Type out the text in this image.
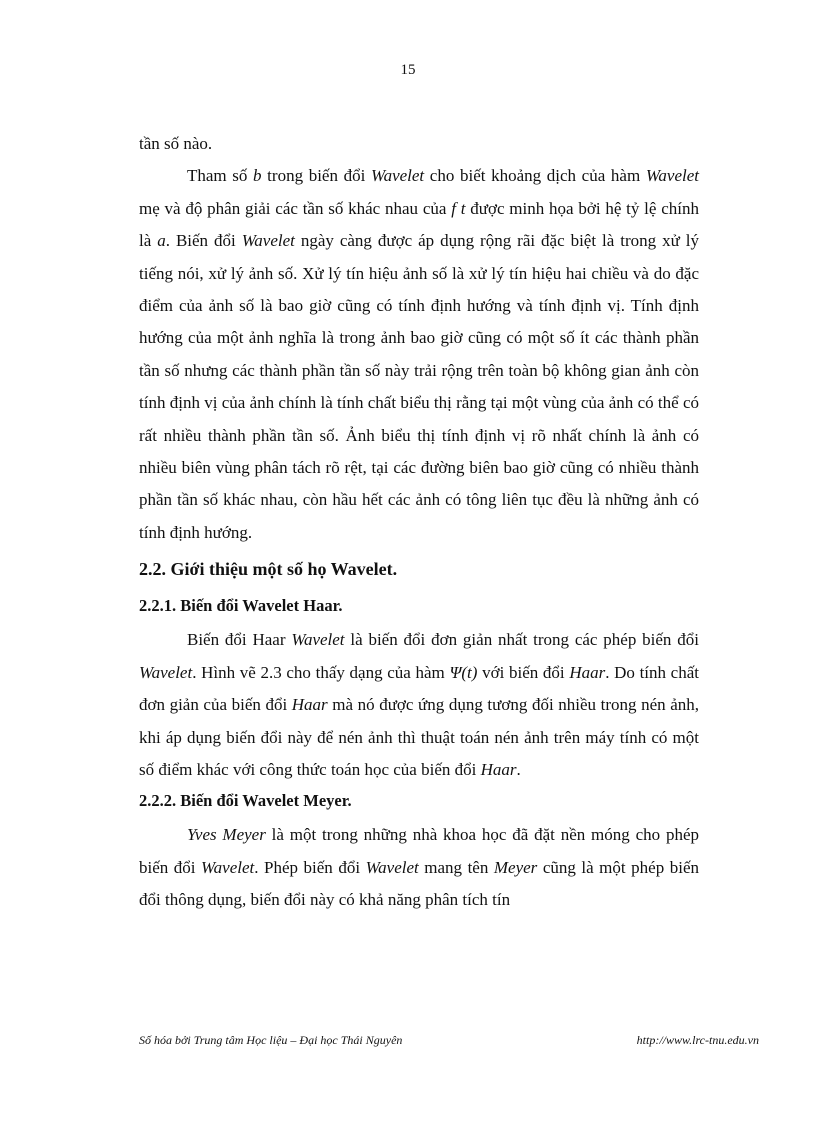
15

tần số nào.

Tham số b trong biến đổi Wavelet cho biết khoảng dịch của hàm Wavelet mẹ và độ phân giải các tần số khác nhau của f t được minh họa bởi hệ tỷ lệ chính là a. Biến đổi Wavelet ngày càng được áp dụng rộng rãi đặc biệt là trong xử lý tiếng nói, xử lý ảnh số. Xử lý tín hiệu ảnh số là xử lý tín hiệu hai chiều và do đặc điểm của ảnh số là bao giờ cũng có tính định hướng và tính định vị. Tính định hướng của một ảnh nghĩa là trong ảnh bao giờ cũng có một số ít các thành phần tần số nhưng các thành phần tần số này trải rộng trên toàn bộ không gian ảnh còn tính định vị của ảnh chính là tính chất biểu thị rằng tại một vùng của ảnh có thể có rất nhiều thành phần tần số. Ảnh biểu thị tính định vị rõ nhất chính là ảnh có nhiều biên vùng phân tách rõ rệt, tại các đường biên bao giờ cũng có nhiều thành phần tần số khác nhau, còn hầu hết các ảnh có tông liên tục đều là những ảnh có tính định hướng.

2.2. Giới thiệu một số họ Wavelet.
2.2.1. Biến đổi Wavelet Haar.

Biến đổi Haar Wavelet là biến đổi đơn giản nhất trong các phép biến đổi Wavelet. Hình vẽ 2.3 cho thấy dạng của hàm Ψ(t) với biến đổi Haar. Do tính chất đơn giản của biến đổi Haar mà nó được ứng dụng tương đối nhiều trong nén ảnh, khi áp dụng biến đổi này để nén ảnh thì thuật toán nén ảnh trên máy tính có một số điểm khác với công thức toán học của biến đổi Haar.

2.2.2. Biến đổi Wavelet Meyer.

Yves Meyer là một trong những nhà khoa học đã đặt nền móng cho phép biến đổi Wavelet. Phép biến đổi Wavelet mang tên Meyer cũng là một phép biến đổi thông dụng, biến đổi này có khả năng phân tích tín

Số hóa bởi Trung tâm Học liệu – Đại học Thái Nguyên	http://www.lrc-tnu.edu.vn
